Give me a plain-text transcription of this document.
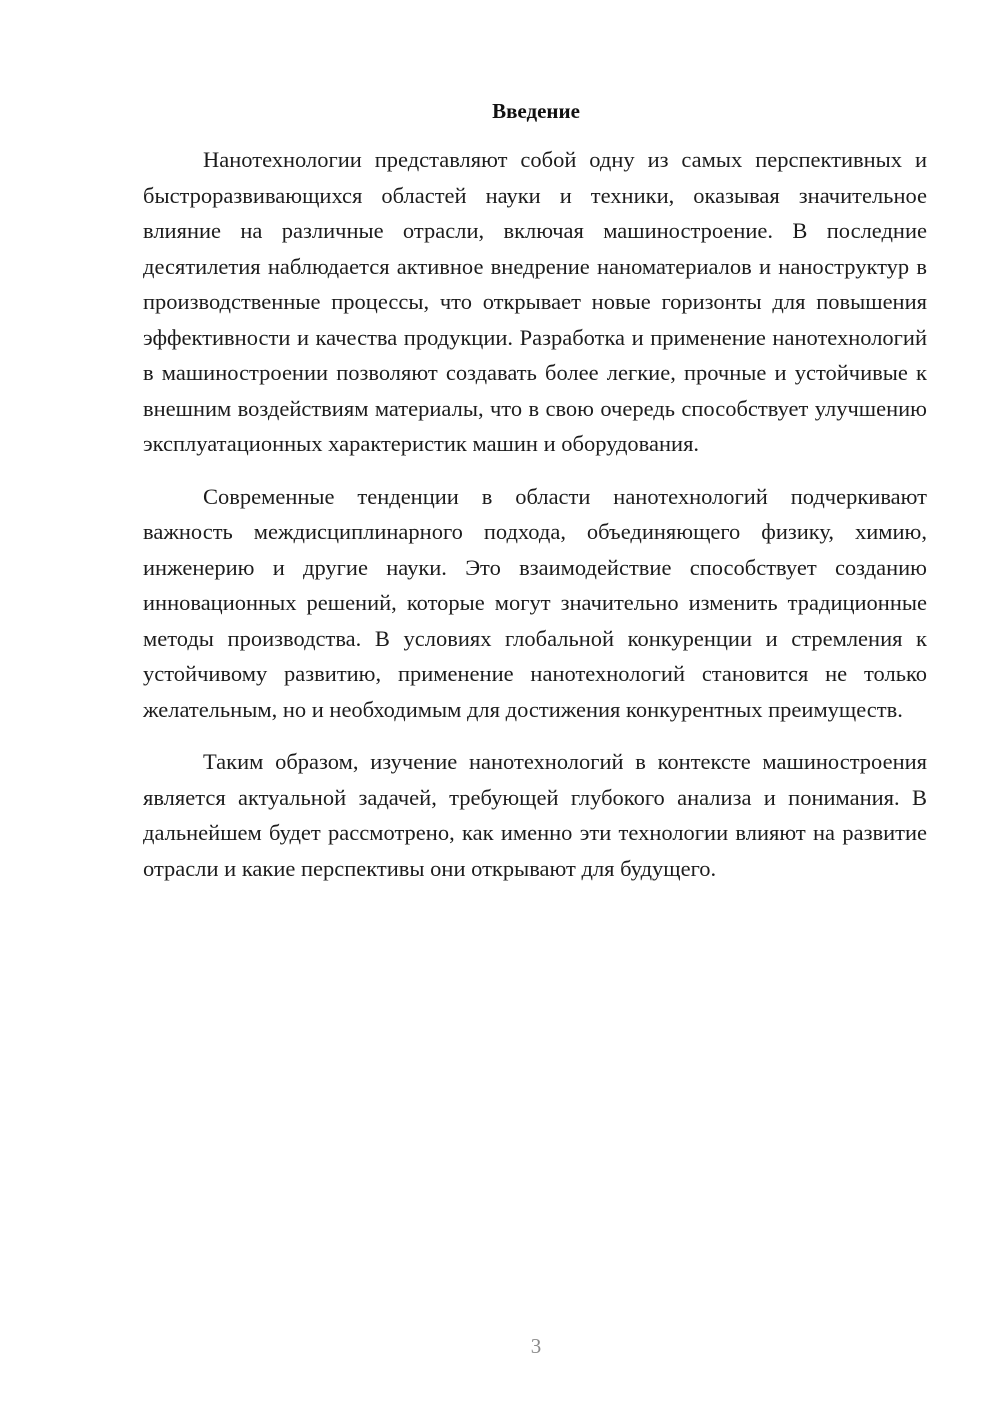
Введение

Нанотехнологии представляют собой одну из самых перспективных и быстроразвивающихся областей науки и техники, оказывая значительное влияние на различные отрасли, включая машиностроение. В последние десятилетия наблюдается активное внедрение наноматериалов и наноструктур в производственные процессы, что открывает новые горизонты для повышения эффективности и качества продукции. Разработка и применение нанотехнологий в машиностроении позволяют создавать более легкие, прочные и устойчивые к внешним воздействиям материалы, что в свою очередь способствует улучшению эксплуатационных характеристик машин и оборудования.

Современные тенденции в области нанотехнологий подчеркивают важность междисциплинарного подхода, объединяющего физику, химию, инженерию и другие науки. Это взаимодействие способствует созданию инновационных решений, которые могут значительно изменить традиционные методы производства. В условиях глобальной конкуренции и стремления к устойчивому развитию, применение нанотехнологий становится не только желательным, но и необходимым для достижения конкурентных преимуществ.

Таким образом, изучение нанотехнологий в контексте машиностроения является актуальной задачей, требующей глубокого анализа и понимания. В дальнейшем будет рассмотрено, как именно эти технологии влияют на развитие отрасли и какие перспективы они открывают для будущего.

3
